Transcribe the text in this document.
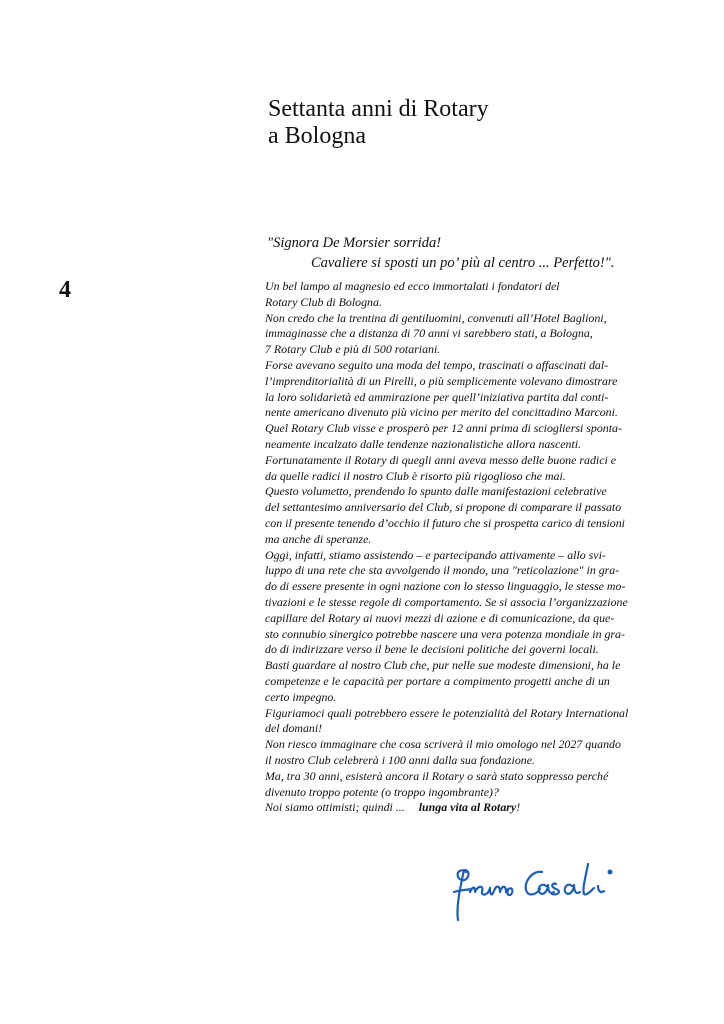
Settanta anni di Rotary
a Bologna
"Signora De Morsier sorrida!
Cavaliere si sposti un po’ più al centro ... Perfetto!".
4	Un bel lampo al magnesio ed ecco immortalati i fondatori del
Rotary Club di Bologna.
Non credo che la trentina di gentiluomini, convenuti all’Hotel Baglioni,
immaginasse che a distanza di 70 anni vi sarebbero stati, a Bologna,
7 Rotary Club e più di 500 rotariani.
Forse avevano seguito una moda del tempo, trascinati o affascinati dal-
l’imprenditorialità di un Pirelli, o più semplicemente volevano dimostrare
la loro solidarietà ed ammirazione per quell’iniziativa partita dal conti-
nente americano divenuto più vicino per merito del concittadino Marconi.
Quel Rotary Club visse e prosperò per 12 anni prima di sciogliersi sponta-
neamente incalzato dalle tendenze nazionalistiche allora nascenti.
Fortunatamente il Rotary di quegli anni aveva messo delle buone radici e
da quelle radici il nostro Club è risorto più rigoglioso che mai.
Questo volumetto, prendendo lo spunto dalle manifestazioni celebrative
del settantesimo anniversario del Club, si propone di comparare il passato
con il presente tenendo d’occhio il futuro che si prospetta carico di tensioni
ma anche di speranze.
Oggi, infatti, stiamo assistendo – e partecipando attivamente – allo svi-
luppo di una rete che sta avvolgendo il mondo, una "reticolazione" in gra-
do di essere presente in ogni nazione con lo stesso linguaggio, le stesse mo-
tivazioni e le stesse regole di comportamento. Se si associa l’organizzazione
capillare del Rotary ai nuovi mezzi di azione e di comunicazione, da que-
sto connubio sinergico potrebbe nascere una vera potenza mondiale in gra-
do di indirizzare verso il bene le decisioni politiche dei governi locali.
Basti guardare al nostro Club che, pur nelle sue modeste dimensioni, ha le
competenze e le capacità per portare a compimento progetti anche di un
certo impegno.
Figuriamoci quali potrebbero essere le potenzialità del Rotary International
del domani!
Non riesco immaginare che cosa scriverà il mio omologo nel 2027 quando
il nostro Club celebrerà i 100 anni dalla sua fondazione.
Ma, tra 30 anni, esisterà ancora il Rotary o sarà stato soppresso perché
divenuto troppo potente (o troppo ingombrante)?
Noi siamo ottimisti; quindi ... lunga vita al Rotary!
